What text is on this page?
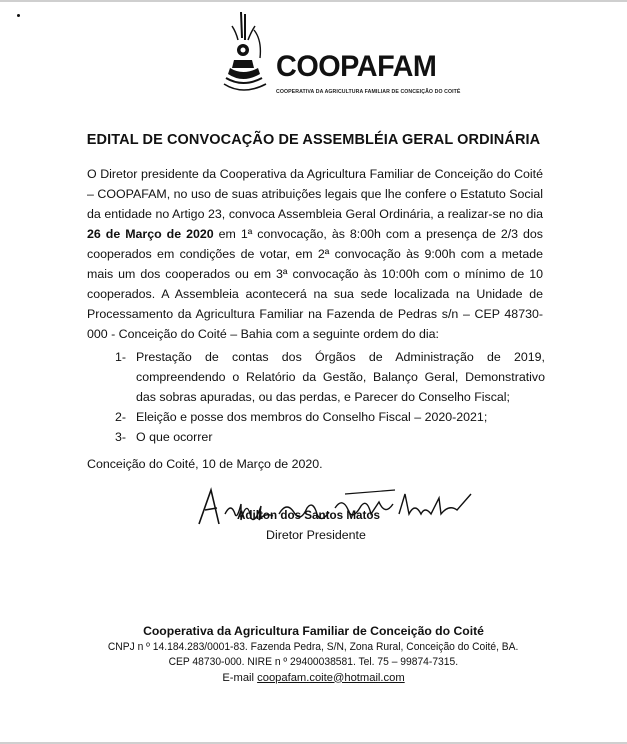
COOPAFAM
COOPERATIVA DA AGRICULTURA FAMILIAR DE CONCEIÇÃO DO COITÉ
EDITAL DE CONVOCAÇÃO DE ASSEMBLÉIA GERAL ORDINÁRIA
O Diretor presidente da Cooperativa da Agricultura Familiar de Conceição do Coité – COOPAFAM, no uso de suas atribuições legais que lhe confere o Estatuto Social da entidade no Artigo 23, convoca Assembleia Geral Ordinária, a realizar-se no dia 26 de Março de 2020 em 1ª convocação, às 8:00h com a presença de 2/3 dos cooperados em condições de votar, em 2ª convocação às 9:00h com a metade mais um dos cooperados ou em 3ª convocação às 10:00h com o mínimo de 10 cooperados. A Assembleia acontecerá na sua sede localizada na Unidade de Processamento da Agricultura Familiar na Fazenda de Pedras s/n – CEP 48730-000 - Conceição do Coité – Bahia com a seguinte ordem do dia:
1- Prestação de contas dos Órgãos de Administração de 2019, compreendendo o Relatório da Gestão, Balanço Geral, Demonstrativo das sobras apuradas, ou das perdas, e Parecer do Conselho Fiscal;
2- Eleição e posse dos membros do Conselho Fiscal – 2020-2021;
3- O que ocorrer
Conceição do Coité, 10 de Março de 2020.
Adilton dos Santos Matos
Diretor Presidente
Cooperativa da Agricultura Familiar de Conceição do Coité
CNPJ n º 14.184.283/0001-83. Fazenda Pedra, S/N, Zona Rural, Conceição do Coité, BA.
CEP 48730-000. NIRE n º 29400038581. Tel. 75 – 99874-7315.
E-mail coopafam.coite@hotmail.com
